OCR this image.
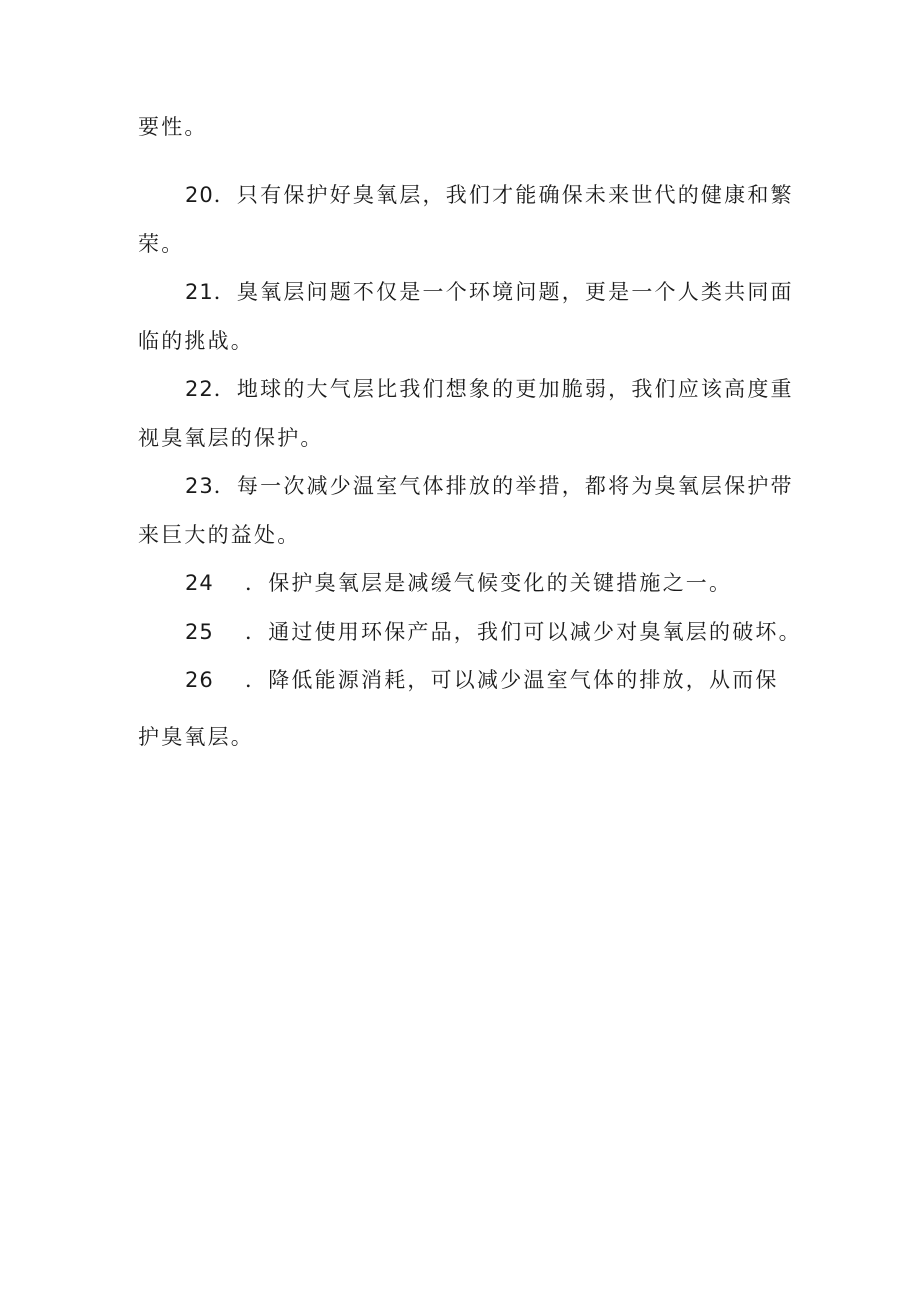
要性。
20．只有保护好臭氧层，我们才能确保未来世代的健康和繁
荣。
21．臭氧层问题不仅是一个环境问题，更是一个人类共同面
临的挑战。
22．地球的大气层比我们想象的更加脆弱，我们应该高度重
视臭氧层的保护。
23．每一次减少温室气体排放的举措，都将为臭氧层保护带
来巨大的益处。
24 ．保护臭氧层是减缓气候变化的关键措施之一。
25 ．通过使用环保产品，我们可以减少对臭氧层的破坏。
26 ．降低能源消耗，可以减少温室气体的排放，从而保
护臭氧层。
